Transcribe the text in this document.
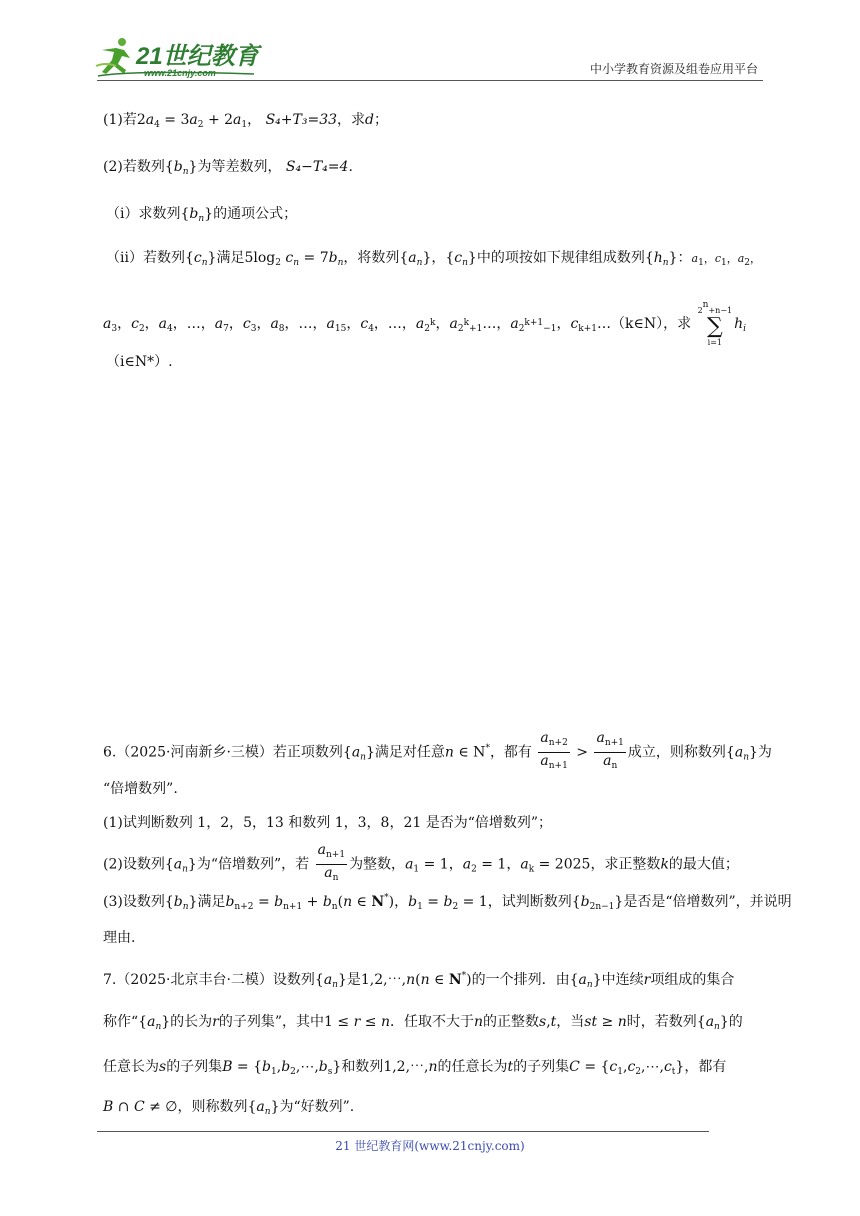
21世纪教育
www.21cnjy.com	中小学教育资源及组卷应用平台
(1)若$2a_4 = 3a_2 + 2a_1$， S₄+T₃=33，求d；
(2)若数列$\{b_n\}$为等差数列， S₄−T₄=4.
（i）求数列$\{b_n\}$的通项公式；
（ii）若数列$\{c_n\}$满足$5\log_2$ $c_n = 7b_n$，将数列$\{a_n\}$，$\{c_n\}$中的项按如下规律组成数列$\{h_n\}$：$a_1$，$c_1$，$a_2$，
$a_3$，$c_2$，$a_4$，…，$a_7$，$c_3$，$a_8$，…，$a_{15}$，$c_4$，…，$a_{2^k}$，$a_{2^k+1}\dots$，$a_{2^{k+1}-1}$，$c_{k+1}\dots(k\in N)$，求
$2^n+n-1$
∑
i=1
$h_i$
（i∈N*）.
6.（2025·河南新乡·三模）若正项数列$\{a_n\}$满足对任意n ∈ N*，都有 $\frac{a_{n+2}}{a_{n+1}} > \frac{a_{n+1}}{a_n}$ 成立，则称数列$\{a_n\}$为
“倍增数列”.
(1)试判断数列 1，2，5，13 和数列 1，3，8，21 是否为“倍增数列”；
(2)设数列$\{a_n\}$为“倍增数列”，若 $\frac{a_{n+1}}{a_n}$ 为整数，$a_1 = 1$，$a_2 = 1$，$a_k = 2025$，求正整数k的最大值；
(3)设数列$\{b_n\}$满足$b_{n+2} = b_{n+1} + b_n(n$ ∈ N*)，$b_1 = b_2 = 1$，试判断数列$\{b_{2n-1}\}$是否是“倍增数列”，并说明
理由.
7.（2025·北京丰台·二模）设数列$\{a_n\}$是1,2,⋯,n(n ∈ N*)的一个排列．由$\{a_n\}$中连续r项组成的集合
称作“$\{a_n\}$的长为r的子列集”，其中1 ≤ r ≤ n．任取不大于n的正整数s,t，当st ≥ n时，若数列$\{a_n\}$的
任意长为s的子列集$B = \{b_1,b_2,\cdots,b_s\}$和数列1,2,⋯,n的任意长为t的子列集$C = \{c_1,c_2,\cdots,c_t\}$，都有
B ∩ C ≠ ∅，则称数列$\{a_n\}$为“好数列”.
21 世纪教育网(www.21cnjy.com)
